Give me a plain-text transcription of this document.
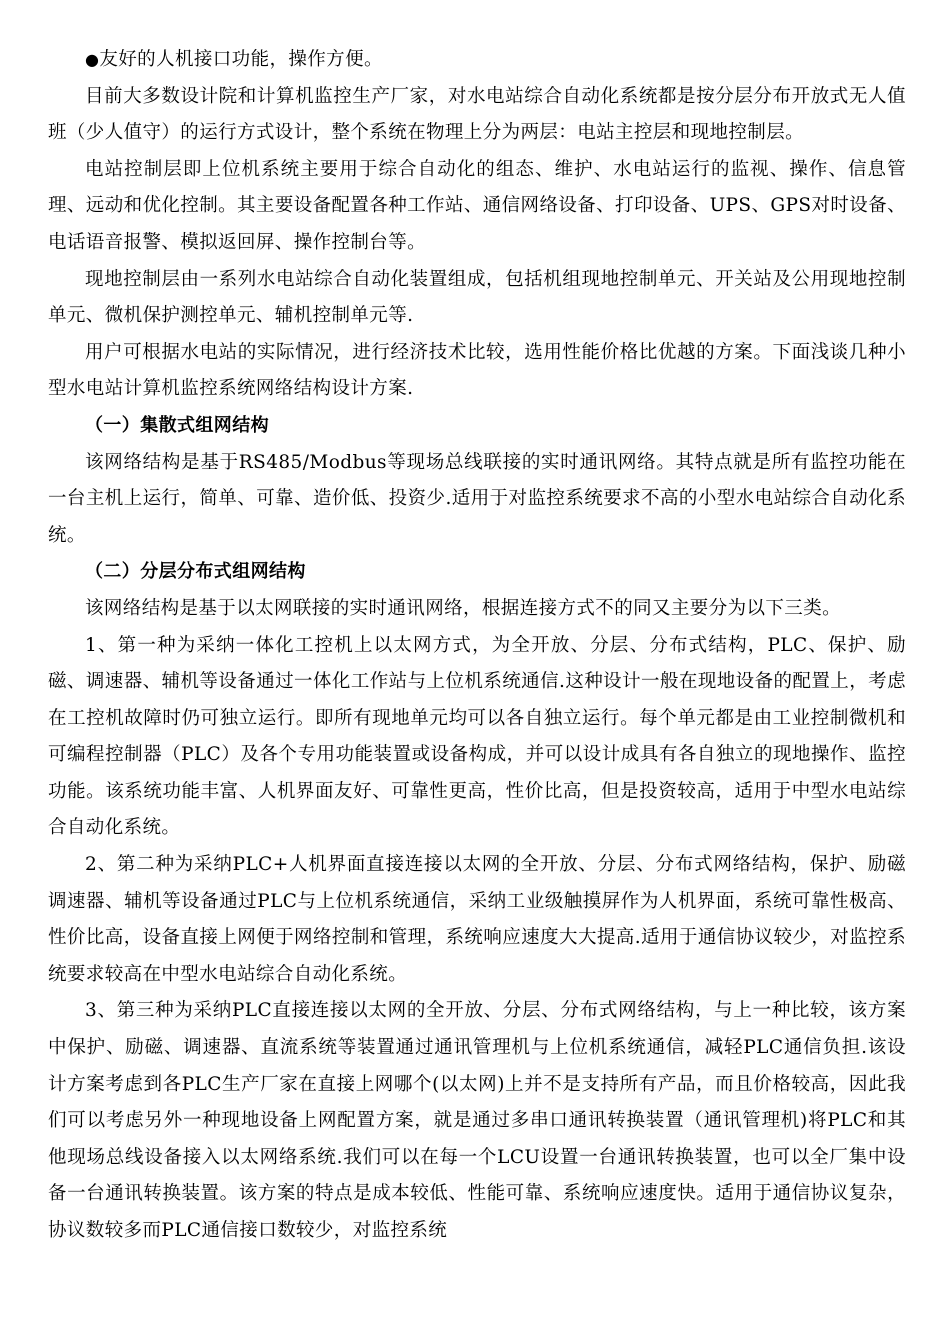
●友好的人机接口功能，操作方便。

目前大多数设计院和计算机监控生产厂家，对水电站综合自动化系统都是按分层分布开放式无人值班（少人值守）的运行方式设计，整个系统在物理上分为两层：电站主控层和现地控制层。

电站控制层即上位机系统主要用于综合自动化的组态、维护、水电站运行的监视、操作、信息管理、远动和优化控制。其主要设备配置各种工作站、通信网络设备、打印设备、UPS、GPS对时设备、电话语音报警、模拟返回屏、操作控制台等。

现地控制层由一系列水电站综合自动化装置组成，包括机组现地控制单元、开关站及公用现地控制单元、微机保护测控单元、辅机控制单元等.

用户可根据水电站的实际情况，进行经济技术比较，选用性能价格比优越的方案。下面浅谈几种小型水电站计算机监控系统网络结构设计方案.

（一）集散式组网结构

该网络结构是基于RS485/Modbus等现场总线联接的实时通讯网络。其特点就是所有监控功能在一台主机上运行，简单、可靠、造价低、投资少.适用于对监控系统要求不高的小型水电站综合自动化系统。

（二）分层分布式组网结构

该网络结构是基于以太网联接的实时通讯网络，根据连接方式不的同又主要分为以下三类。

1、第一种为采纳一体化工控机上以太网方式，为全开放、分层、分布式结构，PLC、保护、励磁、调速器、辅机等设备通过一体化工作站与上位机系统通信.这种设计一般在现地设备的配置上，考虑在工控机故障时仍可独立运行。即所有现地单元均可以各自独立运行。每个单元都是由工业控制微机和可编程控制器（PLC）及各个专用功能装置或设备构成，并可以设计成具有各自独立的现地操作、监控功能。该系统功能丰富、人机界面友好、可靠性更高，性价比高，但是投资较高，适用于中型水电站综合自动化系统。

2、第二种为采纳PLC+人机界面直接连接以太网的全开放、分层、分布式网络结构，保护、励磁调速器、辅机等设备通过PLC与上位机系统通信，采纳工业级触摸屏作为人机界面，系统可靠性极高、性价比高，设备直接上网便于网络控制和管理，系统响应速度大大提高.适用于通信协议较少，对监控系统要求较高在中型水电站综合自动化系统。

3、第三种为采纳PLC直接连接以太网的全开放、分层、分布式网络结构，与上一种比较，该方案中保护、励磁、调速器、直流系统等装置通过通讯管理机与上位机系统通信，减轻PLC通信负担.该设计方案考虑到各PLC生产厂家在直接上网哪个(以太网)上并不是支持所有产品，而且价格较高，因此我们可以考虑另外一种现地设备上网配置方案，就是通过多串口通讯转换装置（通讯管理机)将PLC和其他现场总线设备接入以太网络系统.我们可以在每一个LCU设置一台通讯转换装置，也可以全厂集中设备一台通讯转换装置。该方案的特点是成本较低、性能可靠、系统响应速度快。适用于通信协议复杂，协议数较多而PLC通信接口数较少，对监控系统
